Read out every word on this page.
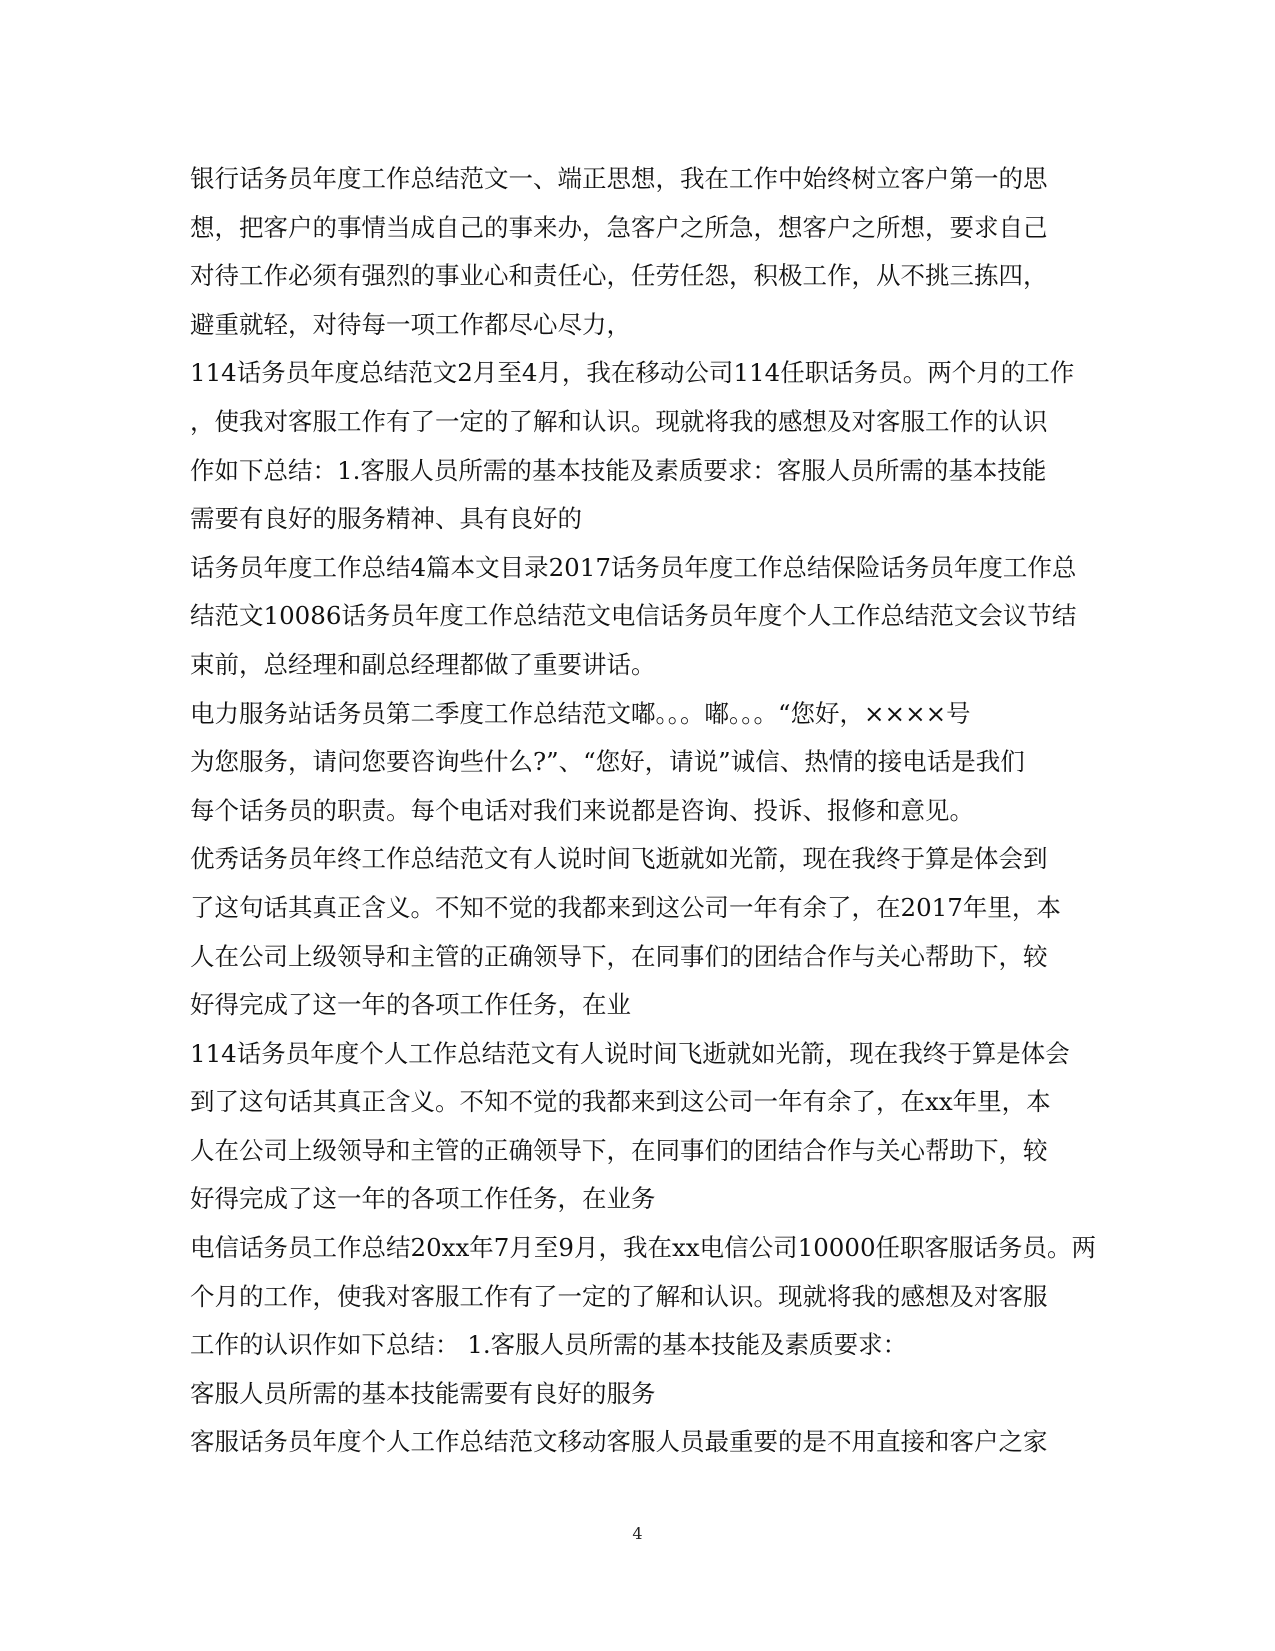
银行话务员年度工作总结范文一、端正思想，我在工作中始终树立客户第一的思
想，把客户的事情当成自己的事来办，急客户之所急，想客户之所想，要求自己
对待工作必须有强烈的事业心和责任心，任劳任怨，积极工作，从不挑三拣四，
避重就轻，对待每一项工作都尽心尽力，

114话务员年度总结范文2月至4月，我在移动公司114任职话务员。两个月的工作
，使我对客服工作有了一定的了解和认识。现就将我的感想及对客服工作的认识
作如下总结：1.客服人员所需的基本技能及素质要求：客服人员所需的基本技能
需要有良好的服务精神、具有良好的

话务员年度工作总结4篇本文目录2017话务员年度工作总结保险话务员年度工作总
结范文10086话务员年度工作总结范文电信话务员年度个人工作总结范文会议节结
束前，总经理和副总经理都做了重要讲话。

电力服务站话务员第二季度工作总结范文嘟。。。嘟。。。“您好，××××号
为您服务，请问您要咨询些什么?”、“您好，请说”诚信、热情的接电话是我们
每个话务员的职责。每个电话对我们来说都是咨询、投诉、报修和意见。

优秀话务员年终工作总结范文有人说时间飞逝就如光箭，现在我终于算是体会到
了这句话其真正含义。不知不觉的我都来到这公司一年有余了，在2017年里，本
人在公司上级领导和主管的正确领导下，在同事们的团结合作与关心帮助下，较
好得完成了这一年的各项工作任务，在业

114话务员年度个人工作总结范文有人说时间飞逝就如光箭，现在我终于算是体会
到了这句话其真正含义。不知不觉的我都来到这公司一年有余了，在xx年里，本
人在公司上级领导和主管的正确领导下，在同事们的团结合作与关心帮助下，较
好得完成了这一年的各项工作任务，在业务

电信话务员工作总结20xx年7月至9月，我在xx电信公司10000任职客服话务员。两
个月的工作，使我对客服工作有了一定的了解和认识。现就将我的感想及对客服
工作的认识作如下总结： 1.客服人员所需的基本技能及素质要求：
客服人员所需的基本技能需要有良好的服务

客服话务员年度个人工作总结范文移动客服人员最重要的是不用直接和客户之家

4
